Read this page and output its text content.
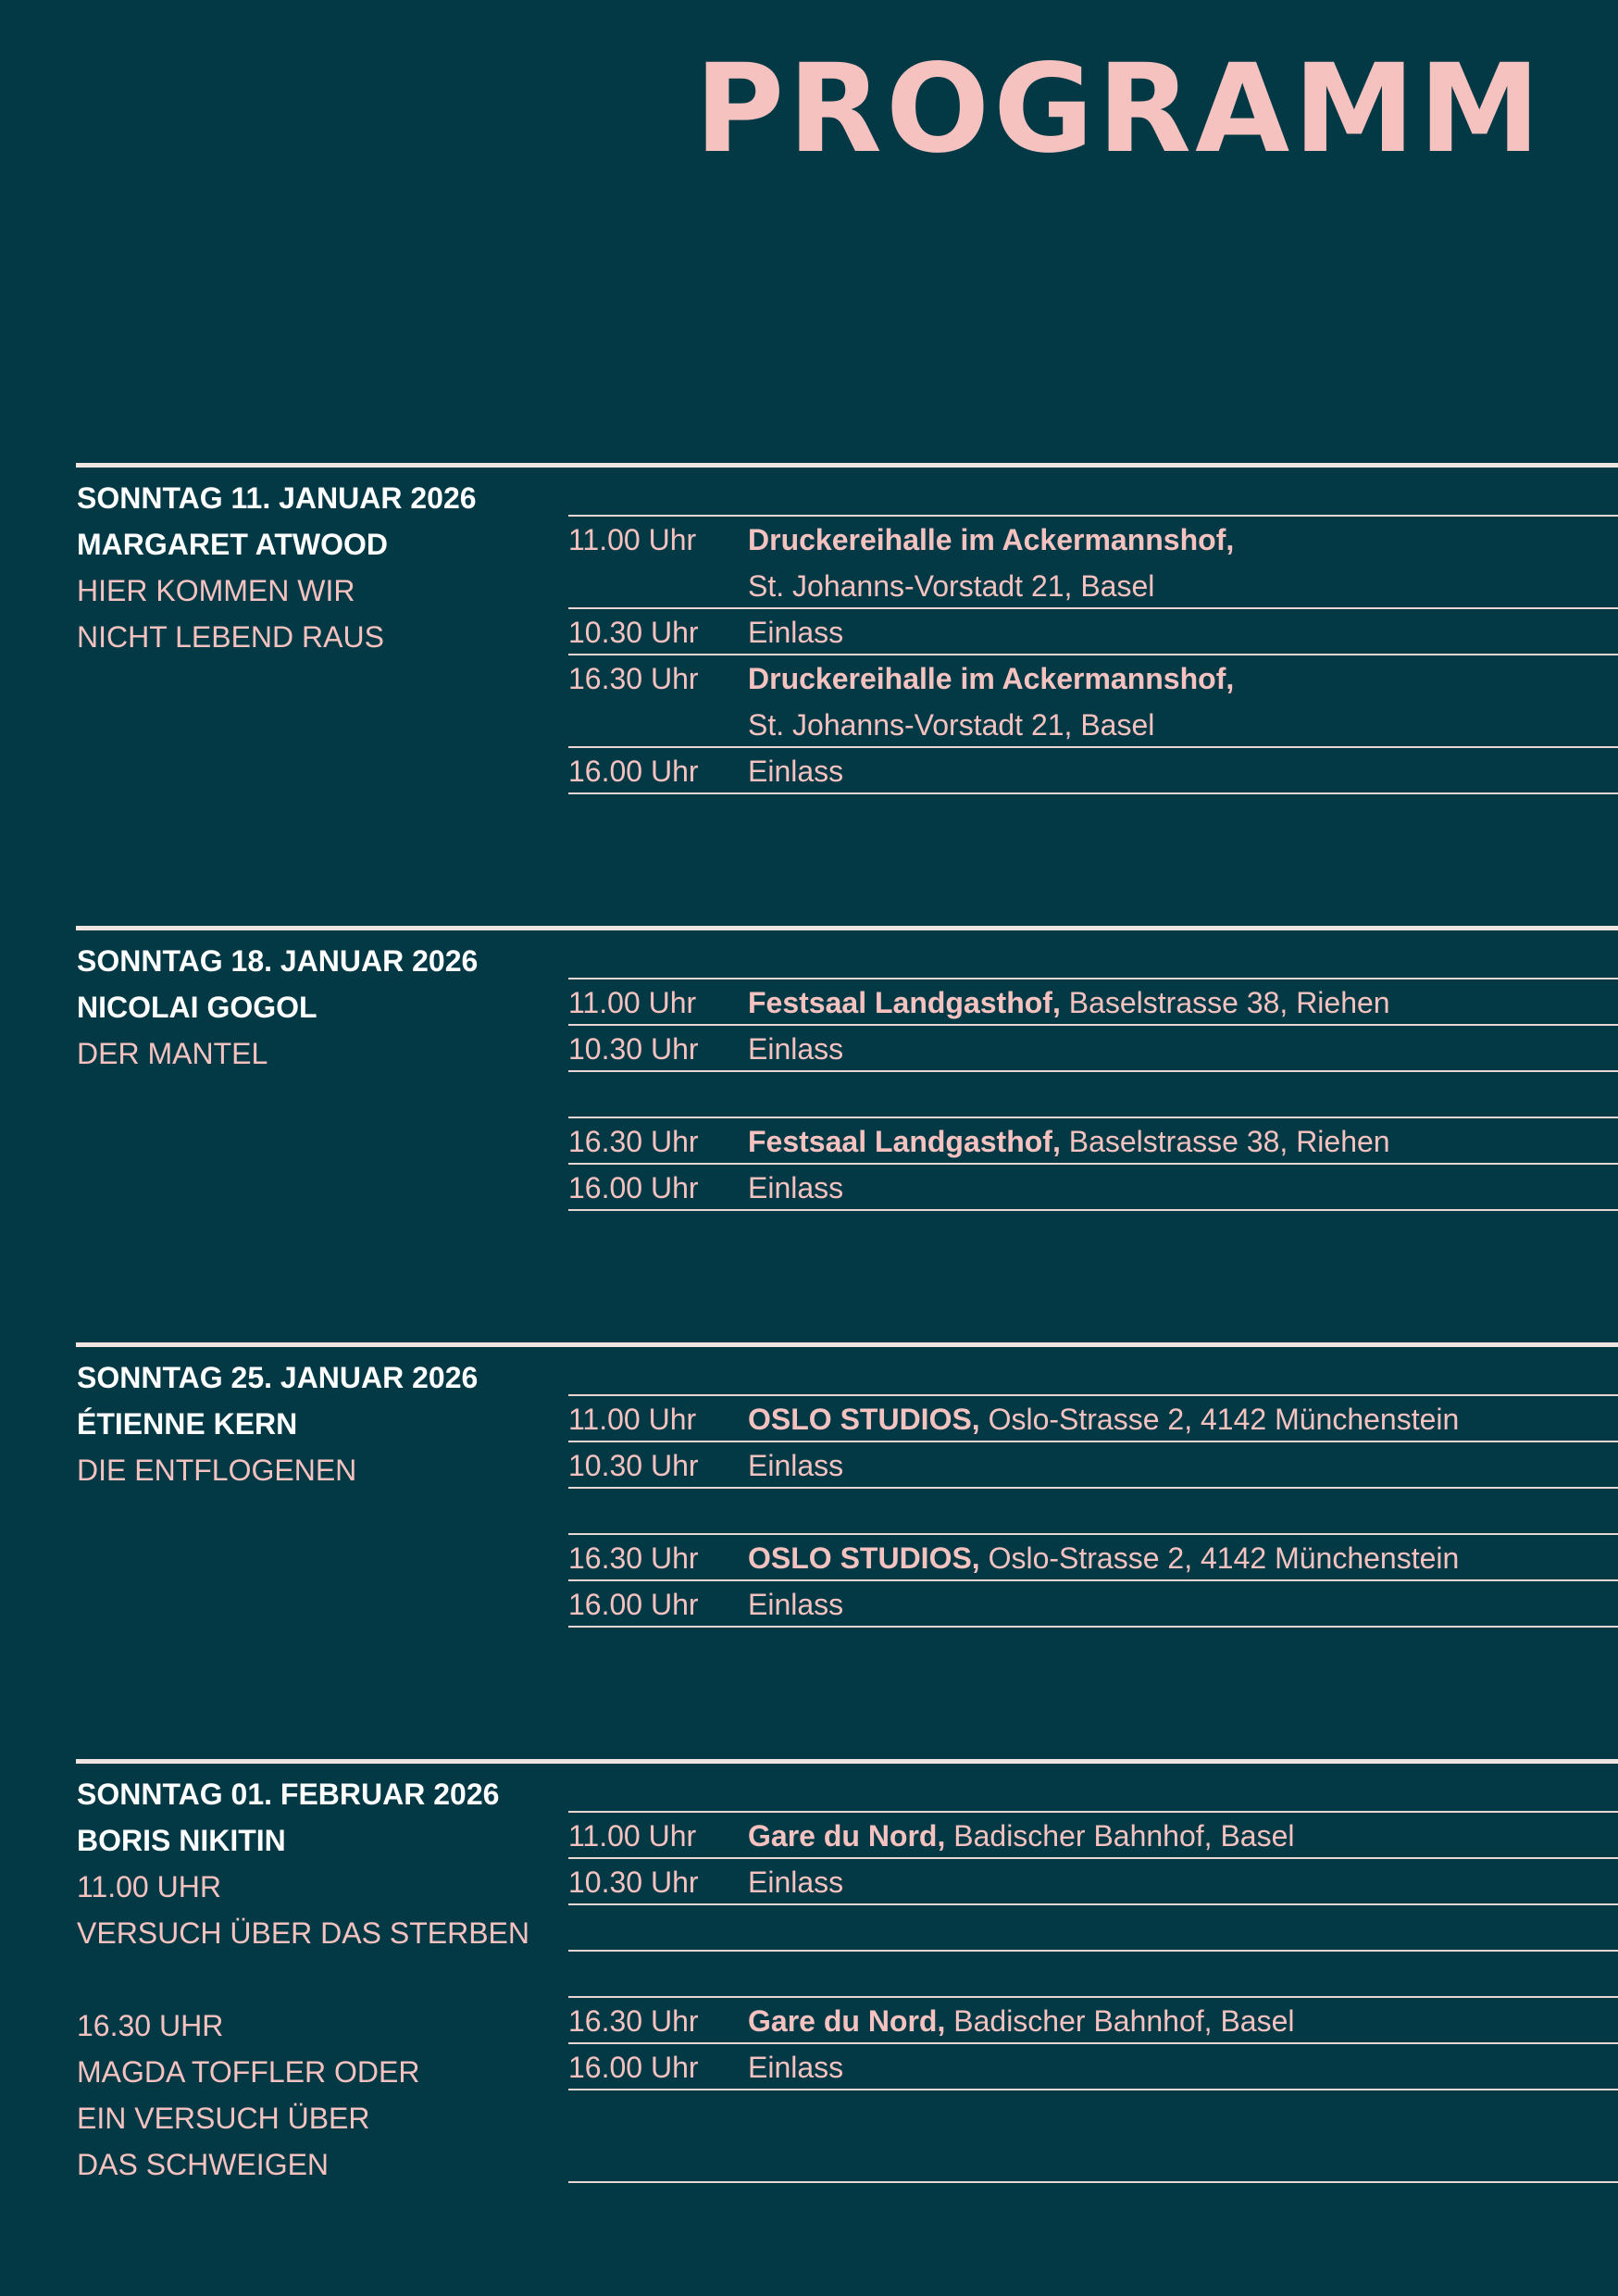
PROGRAMM
SONNTAG 11. JANUAR 2026
MARGARET ATWOOD
HIER KOMMEN WIR
NICHT LEBEND RAUS
11.00 Uhr Druckereihalle im Ackermannshof,
St. Johanns-Vorstadt 21, Basel
10.30 Uhr Einlass
16.30 Uhr Druckereihalle im Ackermannshof,
St. Johanns-Vorstadt 21, Basel
16.00 Uhr Einlass
SONNTAG 18. JANUAR 2026
NICOLAI GOGOL
DER MANTEL
11.00 Uhr Festsaal Landgasthof, Baselstrasse 38, Riehen
10.30 Uhr Einlass
16.30 Uhr Festsaal Landgasthof, Baselstrasse 38, Riehen
16.00 Uhr Einlass
SONNTAG 25. JANUAR 2026
ÉTIENNE KERN
DIE ENTFLOGENEN
11.00 Uhr OSLO STUDIOS, Oslo-Strasse 2, 4142 Münchenstein
10.30 Uhr Einlass
16.30 Uhr OSLO STUDIOS, Oslo-Strasse 2, 4142 Münchenstein
16.00 Uhr Einlass
SONNTAG 01. FEBRUAR 2026
BORIS NIKITIN
11.00 UHR
VERSUCH ÜBER DAS STERBEN
16.30 UHR
MAGDA TOFFLER ODER
EIN VERSUCH ÜBER
DAS SCHWEIGEN
11.00 Uhr Gare du Nord, Badischer Bahnhof, Basel
10.30 Uhr Einlass
16.30 Uhr Gare du Nord, Badischer Bahnhof, Basel
16.00 Uhr Einlass
